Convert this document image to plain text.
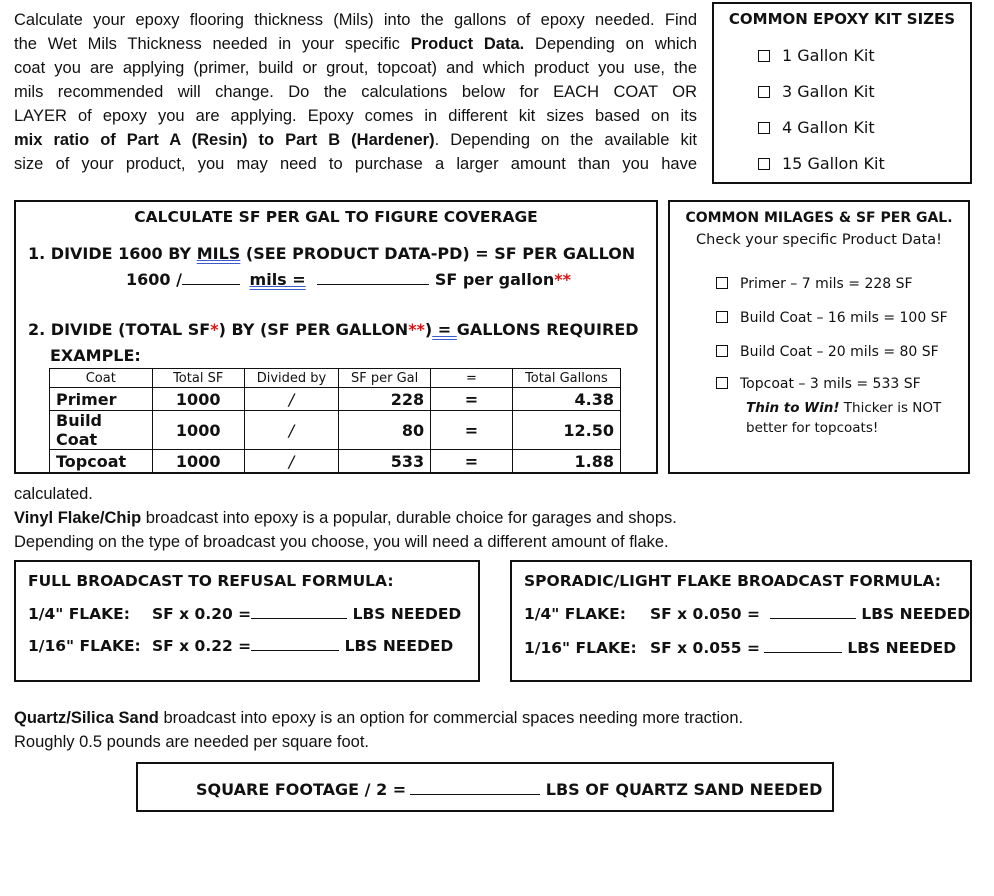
Calculate your epoxy flooring thickness (Mils) into the gallons of epoxy needed. Find
the Wet Mils Thickness needed in your specific Product Data. Depending on which
coat you are applying (primer, build or grout, topcoat) and which product you use, the
mils recommended will change. Do the calculations below for EACH COAT OR
LAYER of epoxy you are applying. Epoxy comes in different kit sizes based on its
mix ratio of Part A (Resin) to Part B (Hardener). Depending on the available kit
size of your product, you may need to purchase a larger amount than you have
COMMON EPOXY KIT SIZES
1 Gallon Kit
3 Gallon Kit
4 Gallon Kit
15 Gallon Kit
CALCULATE SF PER GAL TO FIGURE COVERAGE
1. DIVIDE 1600 BY MILS (SEE PRODUCT DATA-PD) = SF PER GALLON
1600 /	mils =	SF per gallon**
2. DIVIDE (TOTAL SF*) BY (SF PER GALLON**) = GALLONS REQUIRED
EXAMPLE:
Coat	Total SF	Divided by	SF per Gal	=	Total Gallons
Primer	1000	/	228	=	4.38
Build Coat	1000	/	80	=	12.50
Topcoat	1000	/	533	=	1.88
COMMON MILAGES & SF PER GAL.
Check your specific Product Data!
Primer – 7 mils = 228 SF
Build Coat – 16 mils = 100 SF
Build Coat – 20 mils = 80 SF
Topcoat – 3 mils = 533 SF
Thin to Win! Thicker is NOT
better for topcoats!
calculated.
Vinyl Flake/Chip broadcast into epoxy is a popular, durable choice for garages and shops.
Depending on the type of broadcast you choose, you will need a different amount of flake.
FULL BROADCAST TO REFUSAL FORMULA:
1/4" FLAKE: SF x 0.20 =	LBS NEEDED
1/16" FLAKE: SF x 0.22 =	LBS NEEDED
SPORADIC/LIGHT FLAKE BROADCAST FORMULA:
1/4" FLAKE: SF x 0.050 =	LBS NEEDED
1/16" FLAKE: SF x 0.055 =	LBS NEEDED
Quartz/Silica Sand broadcast into epoxy is an option for commercial spaces needing more traction.
Roughly 0.5 pounds are needed per square foot.
SQUARE FOOTAGE / 2 =	LBS OF QUARTZ SAND NEEDED
